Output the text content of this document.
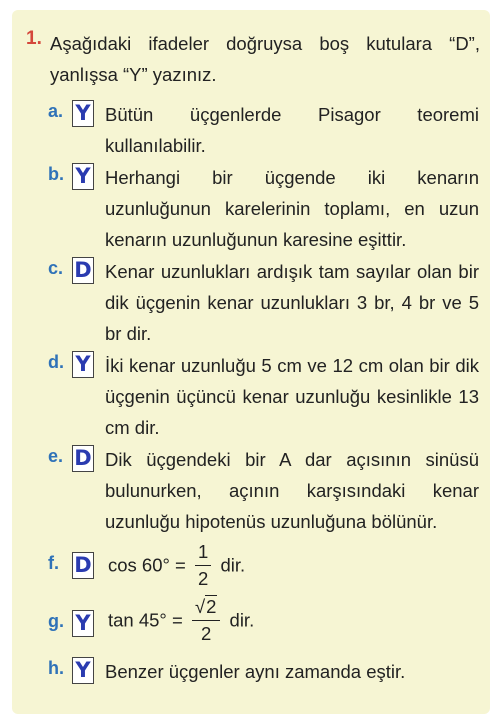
1. Aşağıdaki ifadeler doğruysa boş kutulara “D”, yanlışsa “Y” yazınız.
a. Y Bütün üçgenlerde Pisagor teoremi kullanılabilir.
b. Y Herhangi bir üçgende iki kenarın uzunluğunun karelerinin toplamı, en uzun kenarın uzunluğunun karesine eşittir.
c. D Kenar uzunlukları ardışık tam sayılar olan bir dik üçgenin kenar uzunlukları 3 br, 4 br ve 5 br dir.
d. Y İki kenar uzunluğu 5 cm ve 12 cm olan bir dik üçgenin üçüncü kenar uzunluğu kesinlikle 13 cm dir.
e. D Dik üçgendeki bir A dar açısının sinüsü bulunurken, açının karşısındaki kenar uzunluğu hipotenüs uzunluğuna bölünür.
f. D $\cos 60^\circ = \frac{1}{2}$ dir.
g. Y $\tan 45^\circ = \frac{√2}{2}$ dir.
h. Y Benzer üçgenler aynı zamanda eştir.
